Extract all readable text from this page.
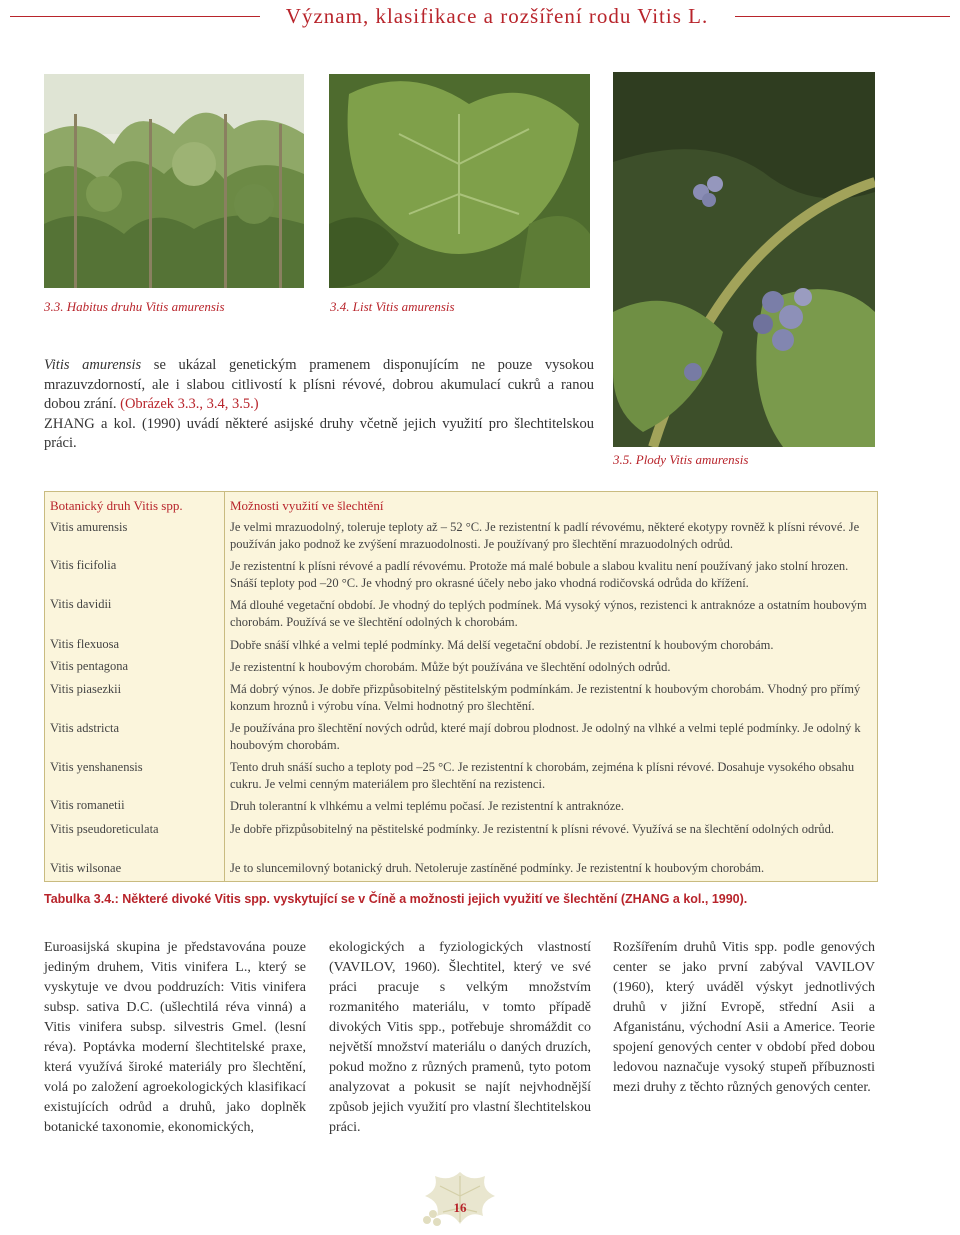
Význam, klasifikace a rozšíření rodu Vitis L.
3.3. Habitus druhu Vitis amurensis	3.4. List Vitis amurensis
3.5. Plody Vitis amurensis

Vitis amurensis se ukázal genetickým pramenem disponujícím ne pouze vysokou mrazuvzdorností, ale i slabou citlivostí k plísni révové, dobrou akumulací cukrů a ranou dobou zrání. (Obrázek 3.3., 3.4, 3.5.)

ZHANG a kol. (1990) uvádí některé asijské druhy včetně jejich využití pro šlechtitelskou práci.

Botanický druh Vitis spp.	Možnosti využití ve šlechtění
Vitis amurensis	Je velmi mrazuodolný, toleruje teploty až – 52 °C. Je rezistentní k padlí révovému, některé ekotypy rovněž k plísni révové. Je používán jako podnož ke zvýšení mrazuodolnosti. Je používaný pro šlechtění mrazuodolných odrůd.
Vitis ficifolia	Je rezistentní k plísni révové a padlí révovému. Protože má malé bobule a slabou kvalitu není používaný jako stolní hrozen. Snáší teploty pod –20 °C. Je vhodný pro okrasné účely nebo jako vhodná rodičovská odrůda do křížení.
Vitis davidii	Má dlouhé vegetační období. Je vhodný do teplých podmínek. Má vysoký výnos, rezistenci k antraknóze a ostatním houbovým chorobám. Používá se ve šlechtění odolných k chorobám.
Vitis flexuosa	Dobře snáší vlhké a velmi teplé podmínky. Má delší vegetační období. Je rezistentní k houbovým chorobám.
Vitis pentagona	Je rezistentní k houbovým chorobám. Může být používána ve šlechtění odolných odrůd.
Vitis piasezkii	Má dobrý výnos. Je dobře přizpůsobitelný pěstitelským podmínkám. Je rezistentní k houbovým chorobám. Vhodný pro přímý konzum hroznů i výrobu vína. Velmi hodnotný pro šlechtění.
Vitis adstricta	Je používána pro šlechtění nových odrůd, které mají dobrou plodnost. Je odolný na vlhké a velmi teplé podmínky. Je odolný k houbovým chorobám.
Vitis yenshanensis	Tento druh snáší sucho a teploty pod –25 °C. Je rezistentní k chorobám, zejména k plísni révové. Dosahuje vysokého obsahu cukru. Je velmi cenným materiálem pro šlechtění na rezistenci.
Vitis romanetii	Druh tolerantní k vlhkému a velmi teplému počasí. Je rezistentní k antraknóze.
Vitis pseudoreticulata	Je dobře přizpůsobitelný na pěstitelské podmínky. Je rezistentní k plísni révové. Využívá se na šlechtění odolných odrůd.
Vitis wilsonae	Je to sluncemilovný botanický druh. Netoleruje zastíněné podmínky. Je rezistentní k houbovým chorobám.
Tabulka 3.4.: Některé divoké Vitis spp. vyskytující se v Číně a možnosti jejich využití ve šlechtění (ZHANG a kol., 1990).

Euroasijská skupina je představována pouze jediným druhem, Vitis vinifera L., který se vyskytuje ve dvou poddruzích: Vitis vinifera subsp. sativa D.C. (ušlechtilá réva vinná) a Vitis vinifera subsp. silvestris Gmel. (lesní réva). Poptávka moderní šlechtitelské praxe, která využívá široké materiály pro šlechtění, volá po založení agroekologických klasifikací existujících odrůd a druhů, jako doplněk botanické taxonomie, ekonomických,

ekologických a fyziologických vlastností (VAVILOV, 1960). Šlechtitel, který ve své práci pracuje s velkým množstvím rozmanitého materiálu, v tomto případě divokých Vitis spp., potřebuje shromáždit co největší množství materiálu o daných druzích, pokud možno z různých pramenů, tyto potom analyzovat a pokusit se najít nejvhodnější způsob jejich využití pro vlastní šlechtitelskou práci.

Rozšířením druhů Vitis spp. podle genových center se jako první zabýval VAVILOV (1960), který uváděl výskyt jednotlivých druhů v jižní Evropě, střední Asii a Afganistánu, východní Asii a Americe. Teorie spojení genových center v období před dobou ledovou naznačuje vysoký stupeň příbuznosti mezi druhy z těchto různých genových center.

16
